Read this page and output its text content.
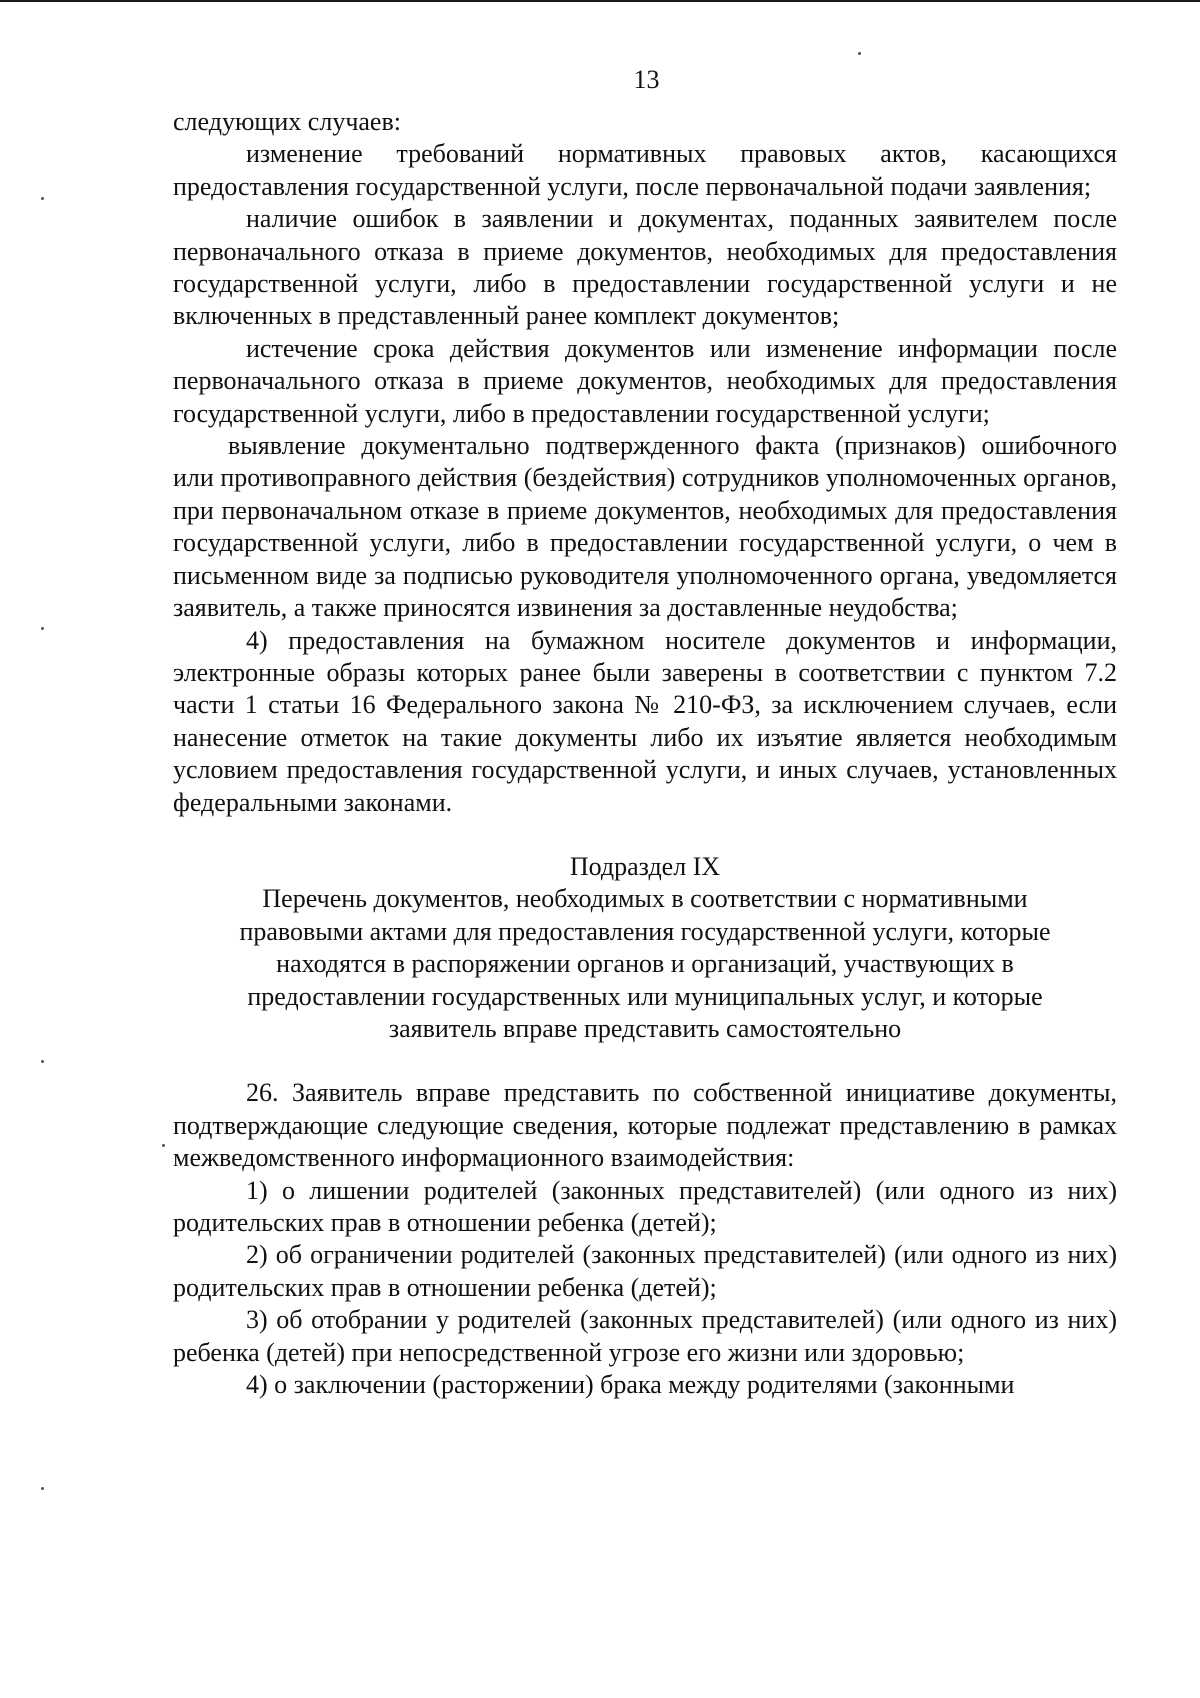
13

следующих случаев:

изменение требований нормативных правовых актов, касающихся предоставления государственной услуги, после первоначальной подачи заявления;

наличие ошибок в заявлении и документах, поданных заявителем после первоначального отказа в приеме документов, необходимых для предоставления государственной услуги, либо в предоставлении государственной услуги и не включенных в представленный ранее комплект документов;

истечение срока действия документов или изменение информации после первоначального отказа в приеме документов, необходимых для предоставления государственной услуги, либо в предоставлении государственной услуги;

выявление документально подтвержденного факта (признаков) ошибочного или противоправного действия (бездействия) сотрудников уполномоченных органов, при первоначальном отказе в приеме документов, необходимых для предоставления государственной услуги, либо в предоставлении государственной услуги, о чем в письменном виде за подписью руководителя уполномоченного органа, уведомляется заявитель, а также приносятся извинения за доставленные неудобства;

4) предоставления на бумажном носителе документов и информации, электронные образы которых ранее были заверены в соответствии с пунктом 7.2 части 1 статьи 16 Федерального закона № 210-ФЗ, за исключением случаев, если нанесение отметок на такие документы либо их изъятие является необходимым условием предоставления государственной услуги, и иных случаев, установленных федеральными законами.

Подраздел IX

Перечень документов, необходимых в соответствии с нормативными правовыми актами для предоставления государственной услуги, которые находятся в распоряжении органов и организаций, участвующих в предоставлении государственных или муниципальных услуг, и которые заявитель вправе представить самостоятельно

26. Заявитель вправе представить по собственной инициативе документы, подтверждающие следующие сведения, которые подлежат представлению в рамках межведомственного информационного взаимодействия:

1) о лишении родителей (законных представителей) (или одного из них) родительских прав в отношении ребенка (детей);

2) об ограничении родителей (законных представителей) (или одного из них) родительских прав в отношении ребенка (детей);

3) об отобрании у родителей (законных представителей) (или одного из них) ребенка (детей) при непосредственной угрозе его жизни или здоровью;

4) о заключении (расторжении) брака между родителями (законными
